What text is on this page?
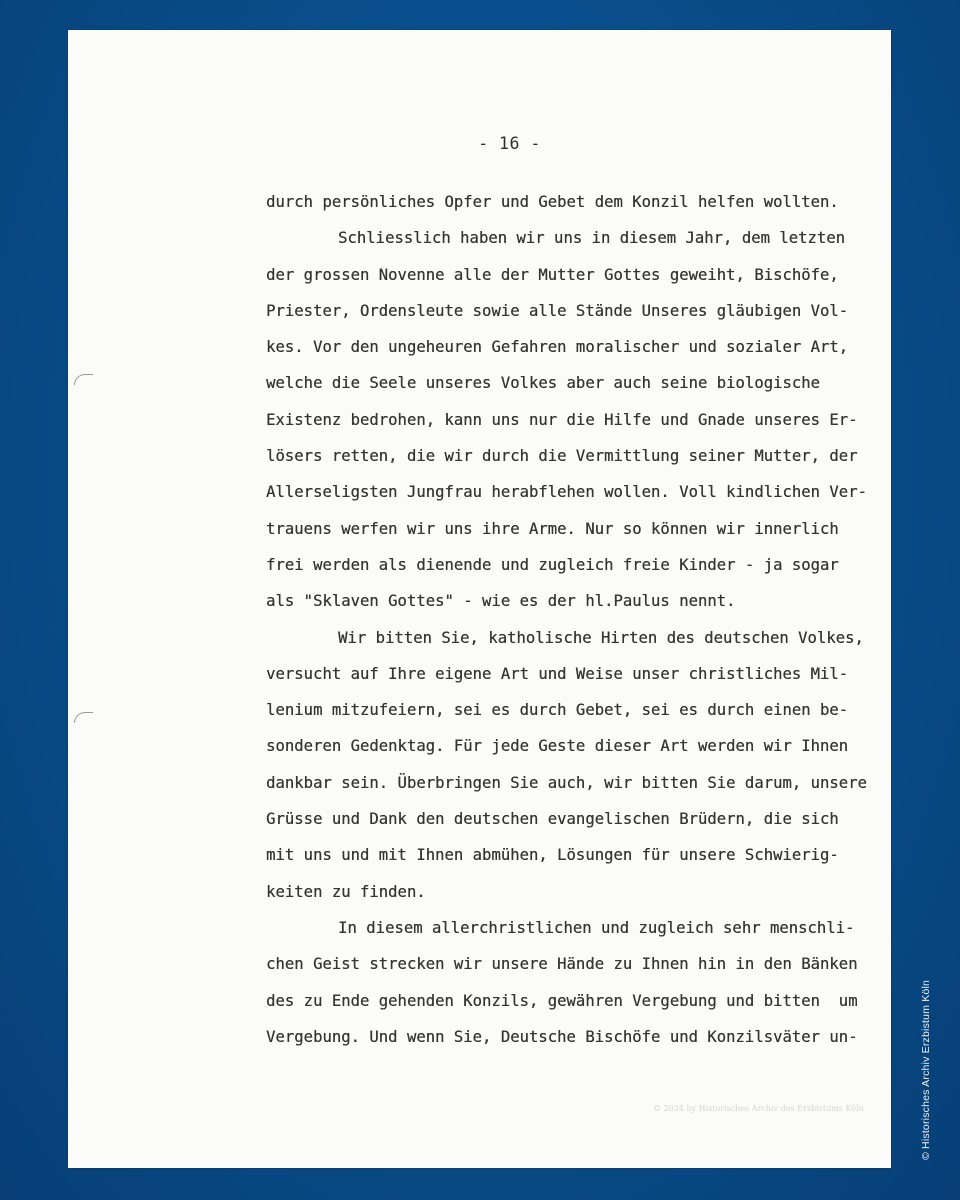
- 16 -
durch persönliches Opfer und Gebet dem Konzil helfen wollten.
Schliesslich haben wir uns in diesem Jahr, dem letzten
der grossen Novenne alle der Mutter Gottes geweiht, Bischöfe,
Priester, Ordensleute sowie alle Stände Unseres gläubigen Vol-
kes. Vor den ungeheuren Gefahren moralischer und sozialer Art,
welche die Seele unseres Volkes aber auch seine biologische
Existenz bedrohen, kann uns nur die Hilfe und Gnade unseres Er-
lösers retten, die wir durch die Vermittlung seiner Mutter, der
Allerseligsten Jungfrau herabflehen wollen. Voll kindlichen Ver-
trauens werfen wir uns ihre Arme. Nur so können wir innerlich
frei werden als dienende und zugleich freie Kinder - ja sogar
als "Sklaven Gottes" - wie es der hl.Paulus nennt.
Wir bitten Sie, katholische Hirten des deutschen Volkes,
versucht auf Ihre eigene Art und Weise unser christliches Mil-
lenium mitzufeiern, sei es durch Gebet, sei es durch einen be-
sonderen Gedenktag. Für jede Geste dieser Art werden wir Ihnen
dankbar sein. Überbringen Sie auch, wir bitten Sie darum, unsere
Grüsse und Dank den deutschen evangelischen Brüdern, die sich
mit uns und mit Ihnen abmühen, Lösungen für unsere Schwierig-
keiten zu finden.
In diesem allerchristlichen und zugleich sehr menschli-
chen Geist strecken wir unsere Hände zu Ihnen hin in den Bänken
des zu Ende gehenden Konzils, gewähren Vergebung und bitten  um
Vergebung. Und wenn Sie, Deutsche Bischöfe und Konzilsväter un-
© 2024 by Historisches Archiv des Erzbistums Köln	© Historisches Archiv Erzbistum Köln
